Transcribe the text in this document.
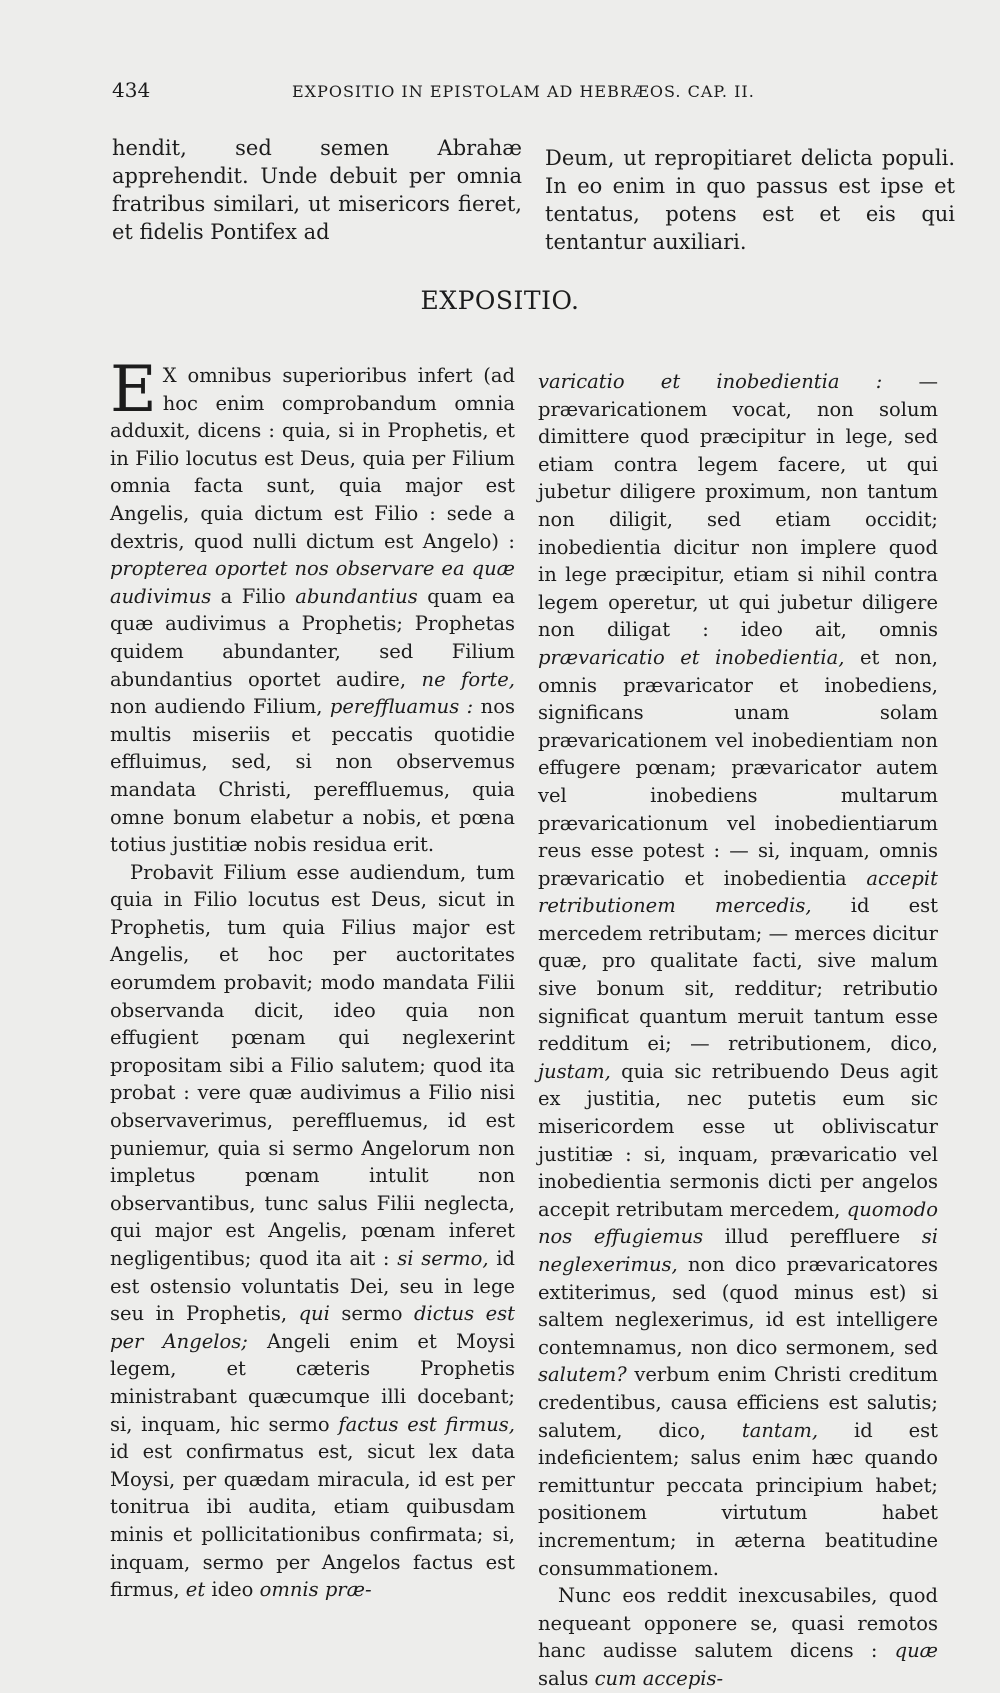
434	EXPOSITIO IN EPISTOLAM AD HEBRÆOS. CAP. II.

hendit, sed semen Abrahæ apprehendit. Unde debuit per omnia fratribus similari, ut misericors fieret, et fidelis Pontifex ad

Deum, ut repropitiaret delicta populi. In eo enim in quo passus est ipse et tentatus, potens est et eis qui tentantur auxiliari.

EXPOSITIO.

E X omnibus superioribus infert (ad hoc enim comprobandum omnia adduxit, dicens : quia, si in Prophetis, et in Filio locutus est Deus, quia per Filium omnia facta sunt, quia major est Angelis, quia dictum est Filio : sede a dextris, quod nulli dictum est Angelo) : propterea oportet nos observare ea quæ audivimus a Filio abundantius quam ea quæ audivimus a Prophetis; Prophetas quidem abundanter, sed Filium abundantius oportet audire, ne forte, non audiendo Filium, pereffluamus : nos multis miseriis et peccatis quotidie effluimus, sed, si non observemus mandata Christi, pereffluemus, quia omne bonum elabetur a nobis, et pœna totius justitiæ nobis residua erit.

Probavit Filium esse audiendum, tum quia in Filio locutus est Deus, sicut in Prophetis, tum quia Filius major est Angelis, et hoc per auctoritates eorumdem probavit; modo mandata Filii observanda dicit, ideo quia non effugient pœnam qui neglexerint propositam sibi a Filio salutem; quod ita probat : vere quæ audivimus a Filio nisi observaverimus, pereffluemus, id est puniemur, quia si sermo Angelorum non impletus pœnam intulit non observantibus, tunc salus Filii neglecta, qui major est Angelis, pœnam inferet negligentibus; quod ita ait : si sermo, id est ostensio voluntatis Dei, seu in lege seu in Prophetis, qui sermo dictus est per Angelos; Angeli enim et Moysi legem, et cæteris Prophetis ministrabant quæcumque illi docebant; si, inquam, hic sermo factus est firmus, id est confirmatus est, sicut lex data Moysi, per quædam miracula, id est per tonitrua ibi audita, etiam quibusdam minis et pollicitationibus confirmata; si, inquam, sermo per Angelos factus est firmus, et ideo omnis præ-

varicatio et inobedientia : — prævaricationem vocat, non solum dimittere quod præcipitur in lege, sed etiam contra legem facere, ut qui jubetur diligere proximum, non tantum non diligit, sed etiam occidit; inobedientia dicitur non implere quod in lege præcipitur, etiam si nihil contra legem operetur, ut qui jubetur diligere non diligat : ideo ait, omnis prævaricatio et inobedientia, et non, omnis prævaricator et inobediens, significans unam solam prævaricationem vel inobedientiam non effugere pœnam; prævaricator autem vel inobediens multarum prævaricationum vel inobedientiarum reus esse potest : — si, inquam, omnis prævaricatio et inobedientia accepit retributionem mercedis, id est mercedem retributam; — merces dicitur quæ, pro qualitate facti, sive malum sive bonum sit, redditur; retributio significat quantum meruit tantum esse redditum ei; — retributionem, dico, justam, quia sic retribuendo Deus agit ex justitia, nec putetis eum sic misericordem esse ut obliviscatur justitiæ : si, inquam, prævaricatio vel inobedientia sermonis dicti per angelos accepit retributam mercedem, quomodo nos effugiemus illud pereffluere si neglexerimus, non dico prævaricatores extiterimus, sed (quod minus est) si saltem neglexerimus, id est intelligere contemnamus, non dico sermonem, sed salutem? verbum enim Christi creditum credentibus, causa efficiens est salutis; salutem, dico, tantam, id est indeficientem; salus enim hæc quando remittuntur peccata principium habet; positionem virtutum habet incrementum; in æterna beatitudine consummationem.

Nunc eos reddit inexcusabiles, quod nequeant opponere se, quasi remotos hanc audisse salutem dicens : quæ salus cum accepis-
